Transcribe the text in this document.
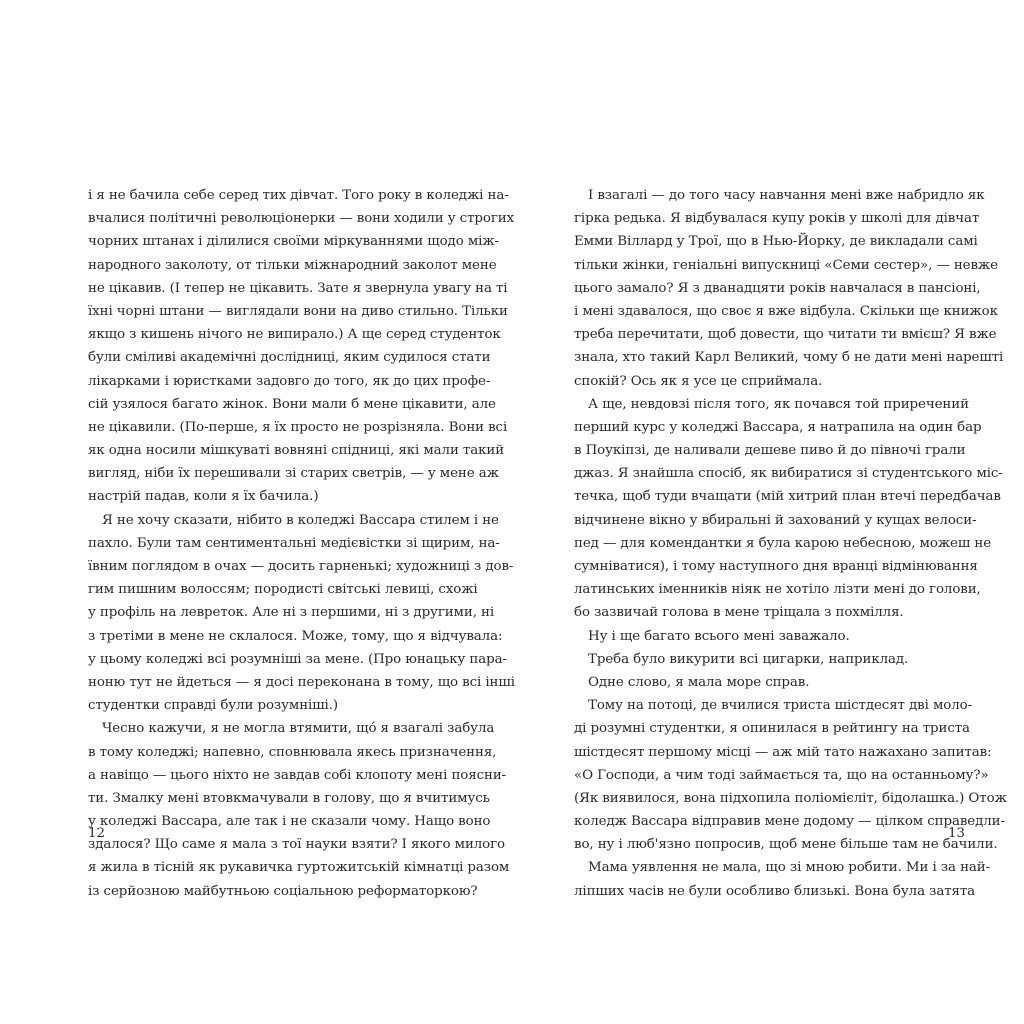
і я не бачила себе серед тих дівчат. Того року в коледжі на-
вчалися політичні революціонерки — вони ходили у строгих
чорних штанах і ділилися своїми міркуваннями щодо між-
народного заколоту, от тільки міжнародний заколот мене
не цікавив. (І тепер не цікавить. Зате я звернула увагу на ті
їхні чорні штани — виглядали вони на диво стильно. Тільки
якщо з кишень нічого не випирало.) А ще серед студенток
були сміливі академічні дослідниці, яким судилося стати
лікарками і юристками задовго до того, як до цих профе-
сій узялося багато жінок. Вони мали б мене цікавити, але
не цікавили. (По-перше, я їх просто не розрізняла. Вони всі
як одна носили мішкуваті вовняні спідниці, які мали такий
вигляд, ніби їх перешивали зі старих светрів, — у мене аж
настрій падав, коли я їх бачила.)
Я не хочу сказати, нібито в коледжі Вассара стилем і не
пахло. Були там сентиментальні медієвістки зі щирим, на-
ївним поглядом в очах — досить гарненькі; художниці з дов-
гим пишним волоссям; породисті світські левиці, схожі
у профіль на левреток. Але ні з першими, ні з другими, ні
з третіми в мене не склалося. Може, тому, що я відчувала:
у цьому коледжі всі розумніші за мене. (Про юнацьку пара-
ноню тут не йдеться — я досі переконана в тому, що всі інші
студентки справді були розумніші.)
Чесно кажучи, я не могла втямити, що́ я взагалі забула
в тому коледжі; напевно, сповнювала якесь призначення,
а навіщо — цього ніхто не завдав собі клопоту мені поясни-
ти. Змалку мені втовкмачували в голову, що я вчитимусь
у коледжі Вассара, але так і не сказали чому. Нащо воно
здалося? Що саме я мала з тої науки взяти? І якого милого
я жила в тісній як рукавичка гуртожитській кімнатці разом
із серйозною майбутньою соціальною реформаторкою?
12
І взагалі — до того часу навчання мені вже набридло як
гірка редька. Я відбувалася купу років у школі для дівчат
Емми Віллард у Трої, що в Нью-Йорку, де викладали самі
тільки жінки, геніальні випускниці «Семи сестер», — невже
цього замало? Я з дванадцяти років навчалася в пансіоні,
і мені здавалося, що своє я вже відбула. Скільки ще книжок
треба перечитати, щоб довести, що читати ти вмієш? Я вже
знала, хто такий Карл Великий, чому б не дати мені нарешті
спокій? Ось як я усе це сприймала.
А ще, невдовзі після того, як почався той приречений
перший курс у коледжі Вассара, я натрапила на один бар
в Поукіпзі, де наливали дешеве пиво й до півночі грали
джаз. Я знайшла спосіб, як вибиратися зі студентського міс-
течка, щоб туди вчащати (мій хитрий план втечі передбачав
відчинене вікно у вбиральні й захований у кущах велоси-
пед — для комендантки я була карою небесною, можеш не
сумніватися), і тому наступного дня вранці відмінювання
латинських іменників ніяк не хотіло лізти мені до голови,
бо зазвичай голова в мене тріщала з похмілля.
Ну і ще багато всього мені заважало.
Треба було викурити всі цигарки, наприклад.
Одне слово, я мала море справ.
Тому на потоці, де вчилися триста шістдесят дві моло-
ді розумні студентки, я опинилася в рейтингу на триста
шістдесят першому місці — аж мій тато нажахано запитав:
«О Господи, а чим тоді займається та, що на останньому?»
(Як виявилося, вона підхопила поліомієліт, бідолашка.) Отож
коледж Вассара відправив мене додому — цілком справедли-
во, ну і люб'язно попросив, щоб мене більше там не бачили.
Мама уявлення не мала, що зі мною робити. Ми і за най-
ліпших часів не були особливо близькі. Вона була затята
13
